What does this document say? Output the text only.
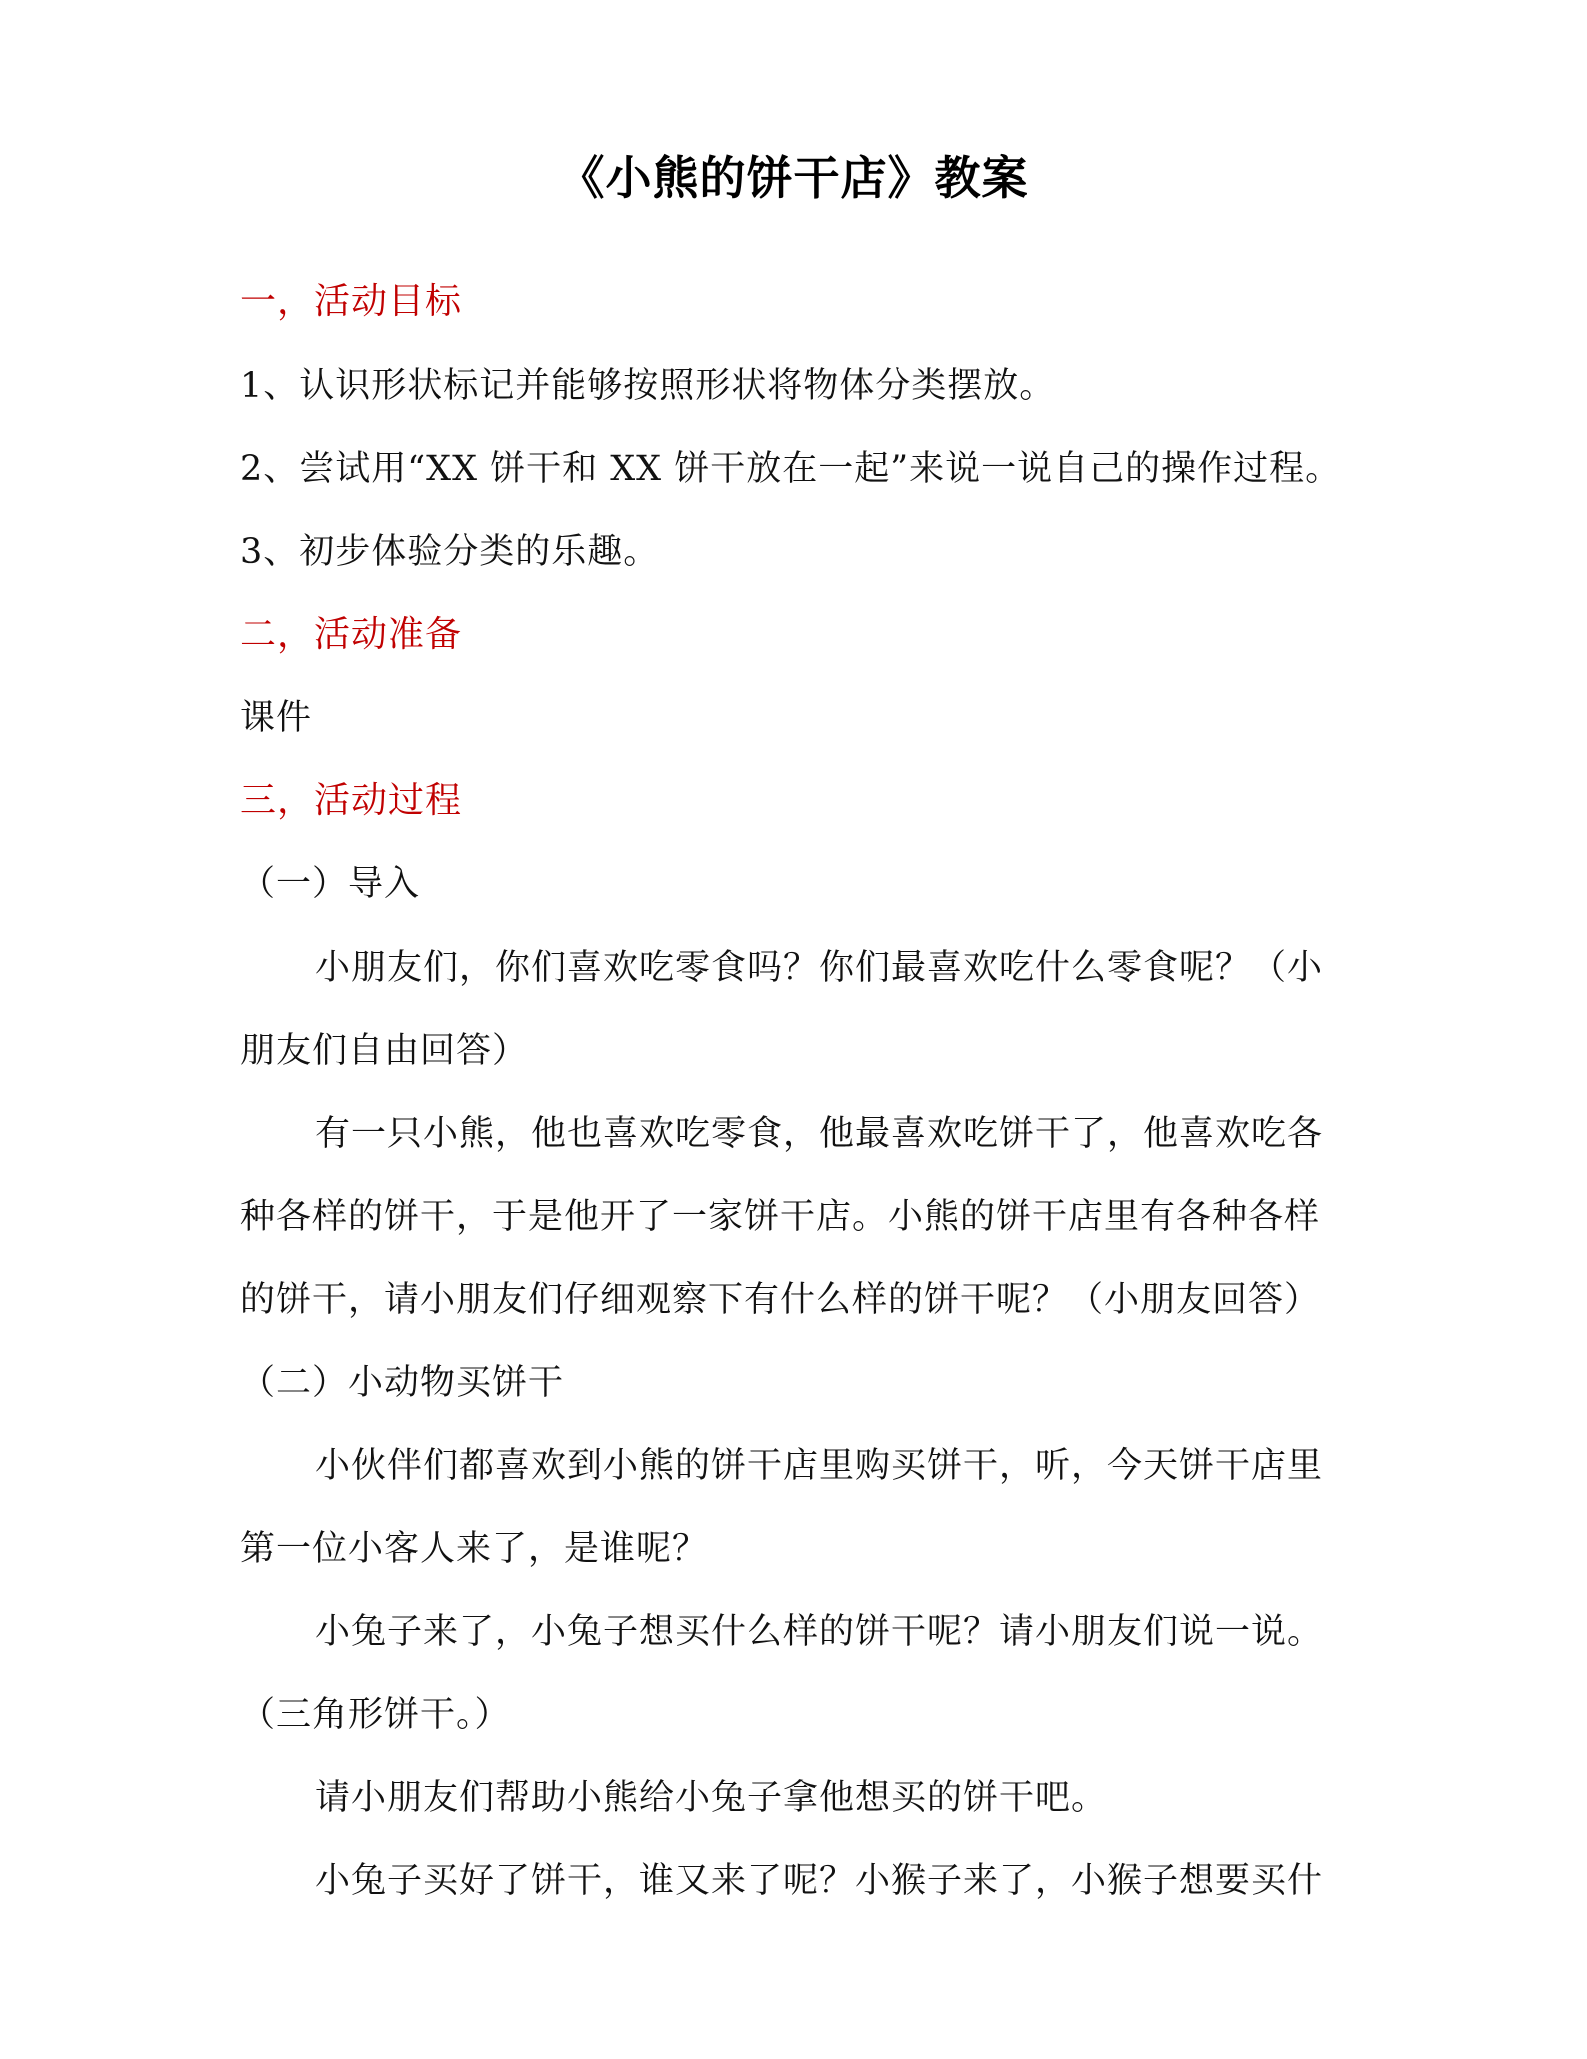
《小熊的饼干店》教案
一，活动目标
1、认识形状标记并能够按照形状将物体分类摆放。
2、尝试用“XX 饼干和 XX 饼干放在一起”来说一说自己的操作过程。
3、初步体验分类的乐趣。
二，活动准备
课件
三，活动过程
（一）导入
小朋友们，你们喜欢吃零食吗？你们最喜欢吃什么零食呢？（小
朋友们自由回答）
有一只小熊，他也喜欢吃零食，他最喜欢吃饼干了，他喜欢吃各
种各样的饼干，于是他开了一家饼干店。小熊的饼干店里有各种各样
的饼干，请小朋友们仔细观察下有什么样的饼干呢？（小朋友回答）
（二）小动物买饼干
小伙伴们都喜欢到小熊的饼干店里购买饼干，听，今天饼干店里
第一位小客人来了，是谁呢？
小兔子来了，小兔子想买什么样的饼干呢？请小朋友们说一说。
（三角形饼干。）
请小朋友们帮助小熊给小兔子拿他想买的饼干吧。
小兔子买好了饼干，谁又来了呢？小猴子来了，小猴子想要买什
